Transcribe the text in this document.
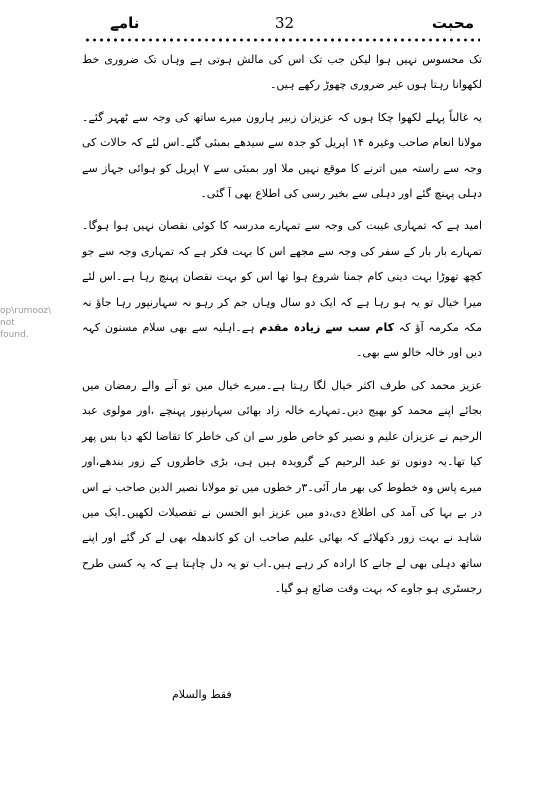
محبت
32
نامے
op\rumooz\
not found.

تک محسوس نہیں ہوا لیکن جب تک اس کی مالش ہوتی ہے وہاں تک ضروری خط لکھوانا رہتا ہوں غیر ضروری چھوڑ رکھے ہیں۔

یہ غالباً پہلے لکھوا چکا ہوں کہ عزیزان زبیر ہارون میرے ساتھ کی وجہ سے ٹھہر گئے۔مولانا انعام صاحب وغیرہ ۱۴ اپریل کو جدہ سے سیدھے بمبئی گئے۔اس لئے کہ حالات کی وجہ سے راستہ میں اترنے کا موقع نہیں ملا اور بمبئی سے ۷ اپریل کو ہوائی جہاز سے دہلی پہنچ گئے اور دہلی سے بخیر رسی کی اطلاع بھی آ گئی۔

امید ہے کہ تمہاری غیبت کی وجہ سے تمہارے مدرسہ کا کوئی نقصان نہیں ہوا ہوگا۔ تمہارے بار بار کے سفر کی وجہ سے مجھے اس کا بہت فکر ہے کہ تمہاری وجہ سے جو کچھ تھوڑا بہت دینی کام جمنا شروع ہوا تھا اس کو بہت نقصان پہنچ رہا ہے۔اس لئے میرا خیال تو یہ ہو رہا ہے کہ ایک دو سال وہاں جم کر رہو نہ سہارنپور رہا جاؤ نہ مکہ مکرمہ آؤ کہ کام سب سے زیادہ مقدم ہے۔اہلیہ سے بھی سلام مسنون کہہ دیں اور خالہ خالو سے بھی۔

عزیز محمد کی طرف اکثر خیال لگا رہتا ہے۔میرے خیال میں تو آنے والے رمضان میں بجائے اپنے محمد کو بھیج دیں۔تمہارے خالہ زاد بھائی سہارنپور پہنچے ،اور مولوی عبد الرحیم نے عزیزان علیم و نصیر کو خاص طور سے ان کی خاطر کا تقاضا لکھ دیا بس پھر کیا تھا۔یہ دونوں تو عبد الرحیم کے گرویدہ ہیں ہی، بڑی خاطروں کے زور بندھے،اور میرے پاس وہ خطوط کی بھر مار آئی۔۳ر خطوں میں تو مولانا نصیر الدین صاحب نے اس در بے بہا کی آمد کی اطلاع دی،دو میں عزیز ابو الحسن نے تفصیلات لکھیں۔ایک میں شاہد نے بہت زور دکھلائے کہ بھائی علیم صاحب ان کو کاندھلہ بھی لے کر گئے اور اپنے ساتھ دہلی بھی لے جانے کا ارادہ کر رہے ہیں۔اب تو یہ دل چاہتا ہے کہ یہ کسی طرح رجسٹری ہو جاوے کہ بہت وقت ضائع ہو گیا۔

فقط والسلام
